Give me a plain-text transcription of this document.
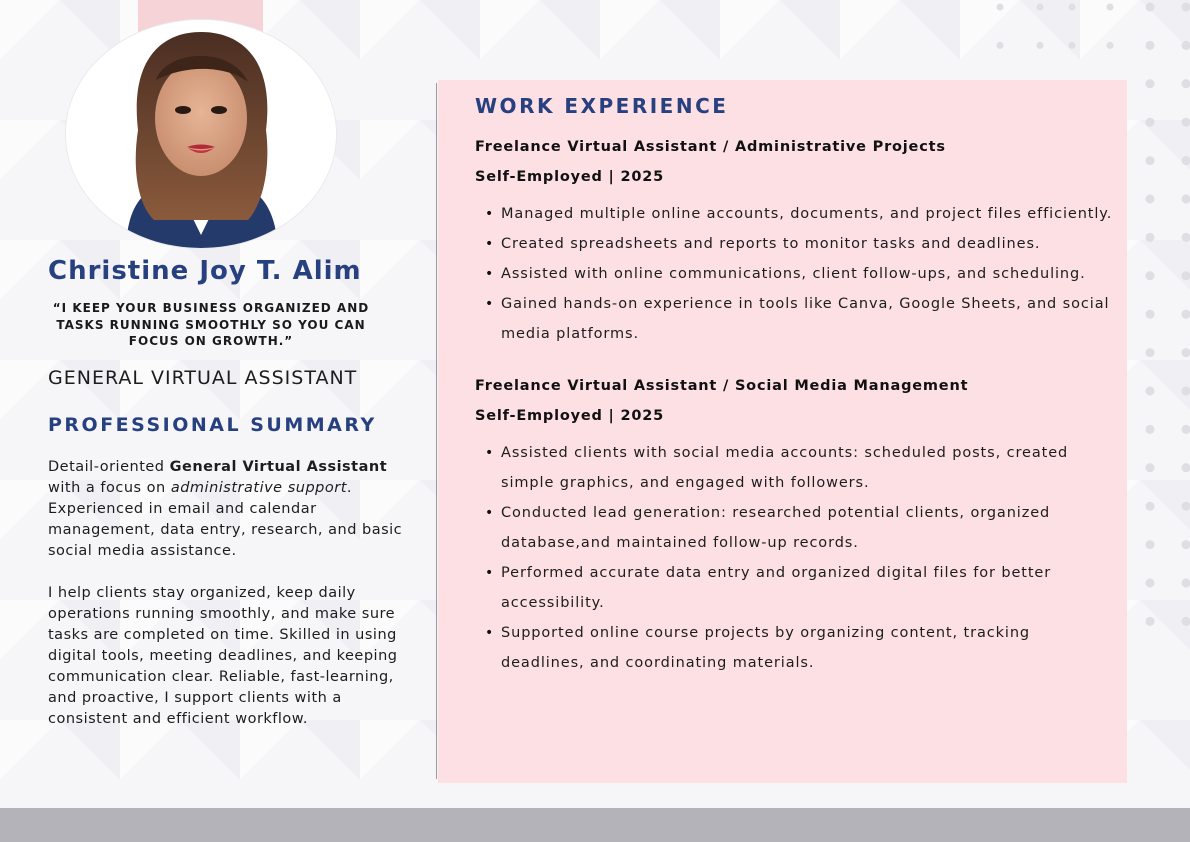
Christine Joy T. Alim
“I KEEP YOUR BUSINESS ORGANIZED AND TASKS RUNNING SMOOTHLY SO YOU CAN FOCUS ON GROWTH.”
GENERAL VIRTUAL ASSISTANT
PROFESSIONAL SUMMARY

Detail-oriented General Virtual Assistant with a focus on administrative support. Experienced in email and calendar management, data entry, research, and basic social media assistance.

I help clients stay organized, keep daily operations running smoothly, and make sure tasks are completed on time. Skilled in using digital tools, meeting deadlines, and keeping communication clear. Reliable, fast-learning, and proactive, I support clients with a consistent and efficient workflow.

WORK EXPERIENCE
Freelance Virtual Assistant / Administrative Projects
Self-Employed | 2025
• Managed multiple online accounts, documents, and project files efficiently.
• Created spreadsheets and reports to monitor tasks and deadlines.
• Assisted with online communications, client follow-ups, and scheduling.
• Gained hands-on experience in tools like Canva, Google Sheets, and social media platforms.
Freelance Virtual Assistant / Social Media Management
Self-Employed | 2025
• Assisted clients with social media accounts: scheduled posts, created simple graphics, and engaged with followers.
• Conducted lead generation: researched potential clients, organized database,and maintained follow-up records.
• Performed accurate data entry and organized digital files for better accessibility.
• Supported online course projects by organizing content, tracking deadlines, and coordinating materials.
